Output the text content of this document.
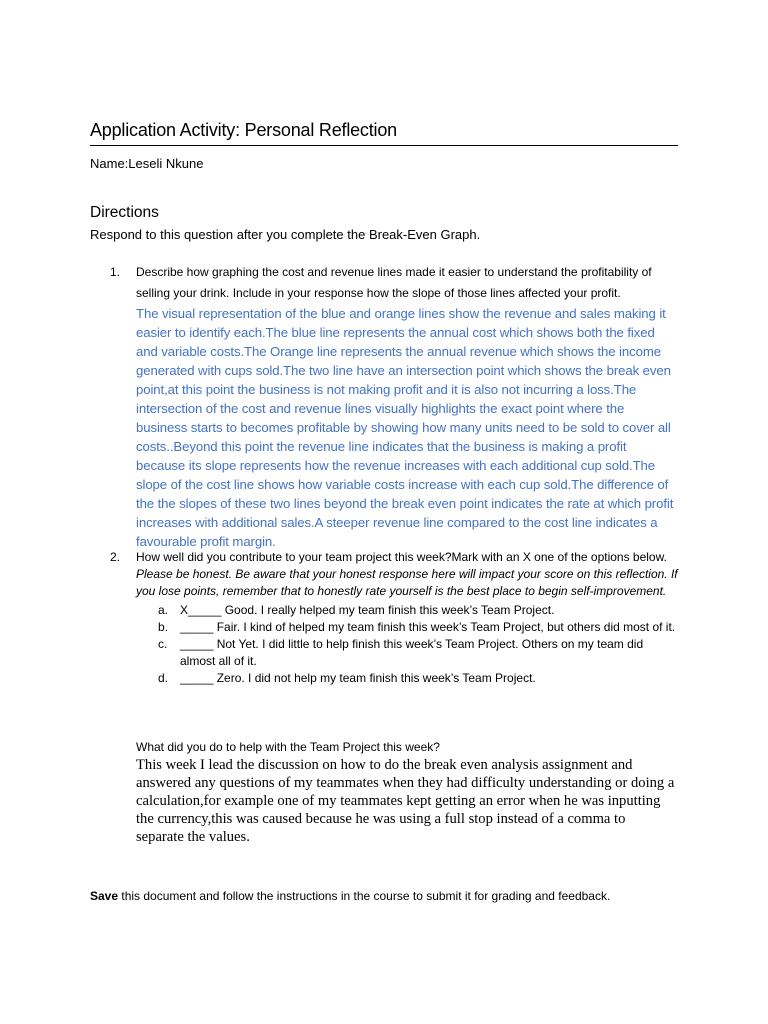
Application Activity: Personal Reflection
Name:Leseli Nkune
Directions
Respond to this question after you complete the Break-Even Graph.
1. Describe how graphing the cost and revenue lines made it easier to understand the profitability of selling your drink. Include in your response how the slope of those lines affected your profit.
The visual representation of the blue and orange lines show the revenue and sales making it easier to identify each.The blue line represents the annual cost which shows both the fixed and variable costs.The Orange line represents the annual revenue which shows the income generated with cups sold.The two line have an intersection point which shows the break even point,at this point the business is not making profit and it is also not incurring a loss.The intersection of the cost and revenue lines visually highlights the exact point where the business starts to becomes profitable by showing how many units need to be sold to cover all costs..Beyond this point the revenue line indicates that the business is making a profit because its slope represents how the revenue increases with each additional cup sold.The slope of the cost line shows how variable costs increase with each cup sold.The difference of the the slopes of these two lines beyond the break even point indicates the rate at which profit increases with additional sales.A steeper revenue line compared to the cost line indicates a favourable profit margin.
2. How well did you contribute to your team project this week?Mark with an X one of the options below. Please be honest. Be aware that your honest response here will impact your score on this reflection. If you lose points, remember that to honestly rate yourself is the best place to begin self-improvement.
a. X_____ Good. I really helped my team finish this week’s Team Project.
b. _____ Fair. I kind of helped my team finish this week’s Team Project, but others did most of it.
c. _____ Not Yet. I did little to help finish this week’s Team Project. Others on my team did almost all of it.
d. _____ Zero. I did not help my team finish this week’s Team Project.
What did you do to help with the Team Project this week?
This week I lead the discussion on how to do the break even analysis assignment and answered any questions of my teammates when they had difficulty understanding or doing a calculation,for example one of my teammates kept getting an error when he was inputting the currency,this was caused because he was using a full stop instead of a comma to separate the values.
Save this document and follow the instructions in the course to submit it for grading and feedback.
